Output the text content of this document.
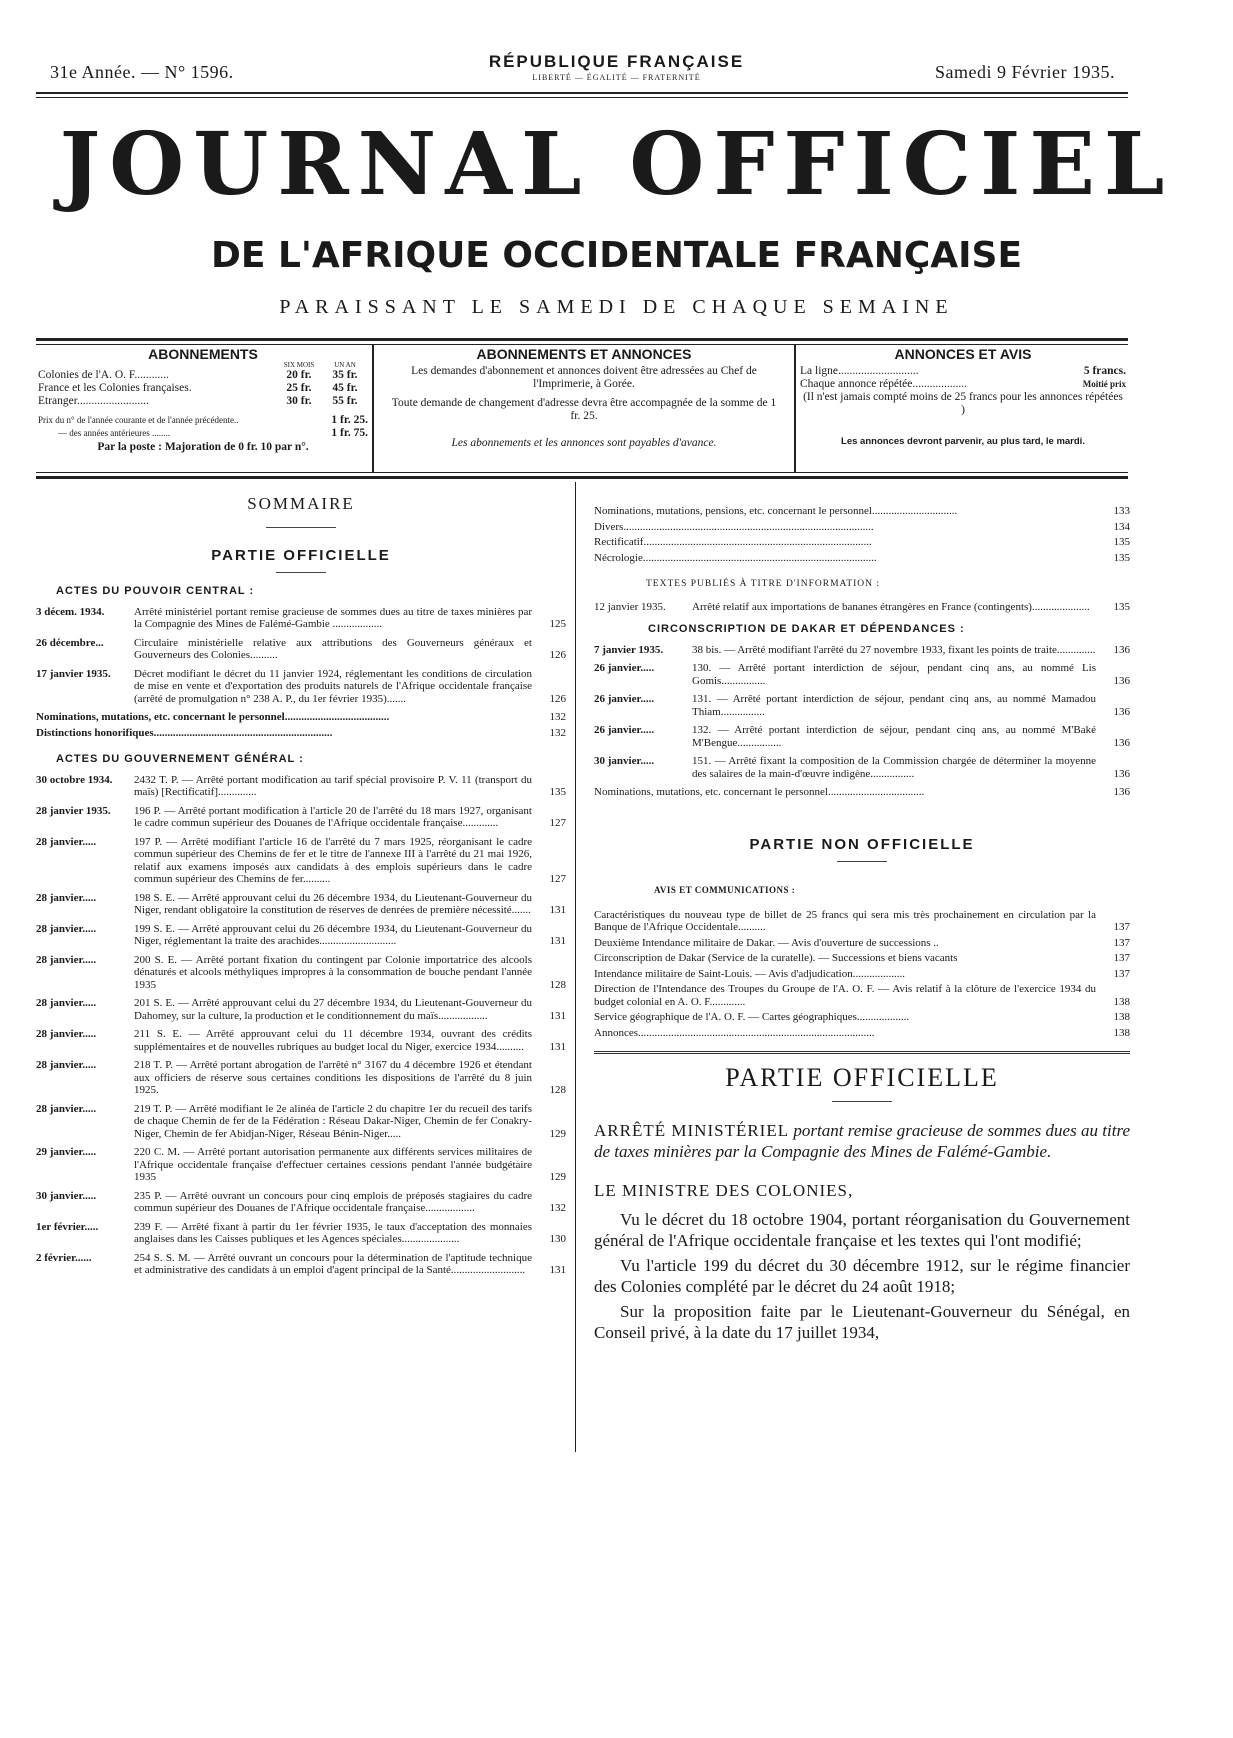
31e Année. — N° 1596.
RÉPUBLIQUE FRANÇAISE
LIBERTÉ — ÉGALITÉ — FRATERNITÉ	Samedi 9 Février 1935.
JOURNAL OFFICIEL
DE L'AFRIQUE OCCIDENTALE FRANÇAISE
PARAISSANT LE SAMEDI DE CHAQUE SEMAINE
ABONNEMENTS
SIX MOIS	UN AN
Colonies de l'A. O. F............	20 fr.	35 fr.
France et les Colonies françaises.	25 fr.	45 fr.
Etranger.........................	30 fr.	55 fr.
Prix du n° de l'année courante et de l'année précédente..	1 fr. 25.
— des années antérieures ........	1 fr. 75.
Par la poste : Majoration de 0 fr. 10 par n°.
ABONNEMENTS ET ANNONCES
Les demandes d'abonnement et annonces doivent être adressées au Chef de l'Imprimerie, à Gorée.
Toute demande de changement d'adresse devra être accompagnée de la somme de 1 fr. 25.
Les abonnements et les annonces sont payables d'avance.
ANNONCES ET AVIS
La ligne............................	5 francs.
Chaque annonce répétée...................	Moitié prix
(Il n'est jamais compté moins de 25 francs pour les annonces répétées )
Les annonces devront parvenir, au plus tard, le mardi.
SOMMAIRE
PARTIE OFFICIELLE
ACTES DU POUVOIR CENTRAL :
3 décem. 1934.	Arrêté ministériel portant remise gracieuse de sommes dues au titre de taxes minières par la Compagnie des Mines de Falémé-Gambie ..................	125
26 décembre...	Circulaire ministérielle relative aux attributions des Gouverneurs généraux et Gouverneurs des Colonies..........	126
17 janvier 1935.	Décret modifiant le décret du 11 janvier 1924, réglementant les conditions de circulation de mise en vente et d'exportation des produits naturels de l'Afrique occidentale française (arrêté de promulgation n° 238 A. P., du 1er février 1935).......	126
Nominations, mutations, etc. concernant le personnel......................................	132
Distinctions honorifiques.................................................................	132
ACTES DU GOUVERNEMENT GÉNÉRAL :
30 octobre 1934.	2432 T. P. — Arrêté portant modification au tarif spécial provisoire P. V. 11 (transport du maïs) [Rectificatif]..............	135
28 janvier 1935.	196 P. — Arrêté portant modification à l'article 20 de l'arrêté du 18 mars 1927, organisant le cadre commun supérieur des Douanes de l'Afrique occidentale française.............	127
28 janvier.....	197 P. — Arrêté modifiant l'article 16 de l'arrêté du 7 mars 1925, réorganisant le cadre commun supérieur des Chemins de fer et le titre de l'annexe III à l'arrêté du 21 mai 1926, relatif aux examens imposés aux candidats à des emplois supérieurs dans le cadre commun supérieur des Chemins de fer..........	127
28 janvier.....	198 S. E. — Arrêté approuvant celui du 26 décembre 1934, du Lieutenant-Gouverneur du Niger, rendant obligatoire la constitution de réserves de denrées de première nécessité.......	131
28 janvier.....	199 S. E. — Arrêté approuvant celui du 26 décembre 1934, du Lieutenant-Gouverneur du Niger, réglementant la traite des arachides............................	131
28 janvier.....	200 S. E. — Arrêté portant fixation du contingent par Colonie importatrice des alcools dénaturés et alcools méthyliques impropres à la consommation de bouche pendant l'année 1935	128
28 janvier.....	201 S. E. — Arrêté approuvant celui du 27 décembre 1934, du Lieutenant-Gouverneur du Dahomey, sur la culture, la production et le conditionnement du maïs..................	131
28 janvier.....	211 S. E. — Arrêté approuvant celui du 11 décembre 1934, ouvrant des crédits supplémentaires et de nouvelles rubriques au budget local du Niger, exercice 1934..........	131
28 janvier.....	218 T. P. — Arrêté portant abrogation de l'arrêté n° 3167 du 4 décembre 1926 et étendant aux officiers de réserve sous certaines conditions les dispositions de l'arrêté du 8 juin 1925.	128
28 janvier.....	219 T. P. — Arrêté modifiant le 2e alinéa de l'article 2 du chapitre 1er du recueil des tarifs de chaque Chemin de fer de la Fédération : Réseau Dakar-Niger, Chemin de fer Conakry-Niger, Chemin de fer Abidjan-Niger, Réseau Bénin-Niger.....	129
29 janvier.....	220 C. M. — Arrêté portant autorisation permanente aux différents services militaires de l'Afrique occidentale française d'effectuer certaines cessions pendant l'année budgétaire 1935	129
30 janvier.....	235 P. — Arrêté ouvrant un concours pour cinq emplois de préposés stagiaires du cadre commun supérieur des Douanes de l'Afrique occidentale française..................	132
1er février.....	239 F. — Arrêté fixant à partir du 1er février 1935, le taux d'acceptation des monnaies anglaises dans les Caisses publiques et les Agences spéciales.....................	130
2 février......	254 S. S. M. — Arrêté ouvrant un concours pour la détermination de l'aptitude technique et administrative des candidats à un emploi d'agent principal de la Santé...........................	131
Nominations, mutations, pensions, etc. concernant le personnel...............................	133
Divers...........................................................................................	134
Rectificatif...................................................................................	135
Nécrologie.....................................................................................	135
TEXTES PUBLIÉS À TITRE D'INFORMATION :
12 janvier 1935.	Arrêté relatif aux importations de bananes étrangères en France (contingents).....................	135
CIRCONSCRIPTION DE DAKAR ET DÉPENDANCES :
7 janvier 1935.	38 bis. — Arrêté modifiant l'arrêté du 27 novembre 1933, fixant les points de traite..............	136
26 janvier.....	130. — Arrêté portant interdiction de séjour, pendant cinq ans, au nommé Lis Gomis................	136
26 janvier.....	131. — Arrêté portant interdiction de séjour, pendant cinq ans, au nommé Mamadou Thiam................	136
26 janvier.....	132. — Arrêté portant interdiction de séjour, pendant cinq ans, au nommé M'Baké M'Bengue................	136
30 janvier.....	151. — Arrêté fixant la composition de la Commission chargée de déterminer la moyenne des salaires de la main-d'œuvre indigène................	136
Nominations, mutations, etc. concernant le personnel...................................	136
PARTIE NON OFFICIELLE
AVIS ET COMMUNICATIONS :
Caractéristiques du nouveau type de billet de 25 francs qui sera mis très prochainement en circulation par la Banque de l'Afrique Occidentale..........	137
Deuxième Intendance militaire de Dakar. — Avis d'ouverture de successions ..	137
Circonscription de Dakar (Service de la curatelle). — Successions et biens vacants	137
Intendance militaire de Saint-Louis. — Avis d'adjudication...................	137
Direction de l'Intendance des Troupes du Groupe de l'A. O. F. — Avis relatif à la clôture de l'exercice 1934 du budget colonial en A. O. F.............	138
Service géographique de l'A. O. F. — Cartes géographiques...................	138
Annonces......................................................................................	138
PARTIE OFFICIELLE
ARRÊTÉ MINISTÉRIEL portant remise gracieuse de sommes dues au titre de taxes minières par la Compagnie des Mines de Falémé-Gambie.
LE MINISTRE DES COLONIES,
Vu le décret du 18 octobre 1904, portant réorganisation du Gouvernement général de l'Afrique occidentale française et les textes qui l'ont modifié;
Vu l'article 199 du décret du 30 décembre 1912, sur le régime financier des Colonies complété par le décret du 24 août 1918;
Sur la proposition faite par le Lieutenant-Gouverneur du Sénégal, en Conseil privé, à la date du 17 juillet 1934,
